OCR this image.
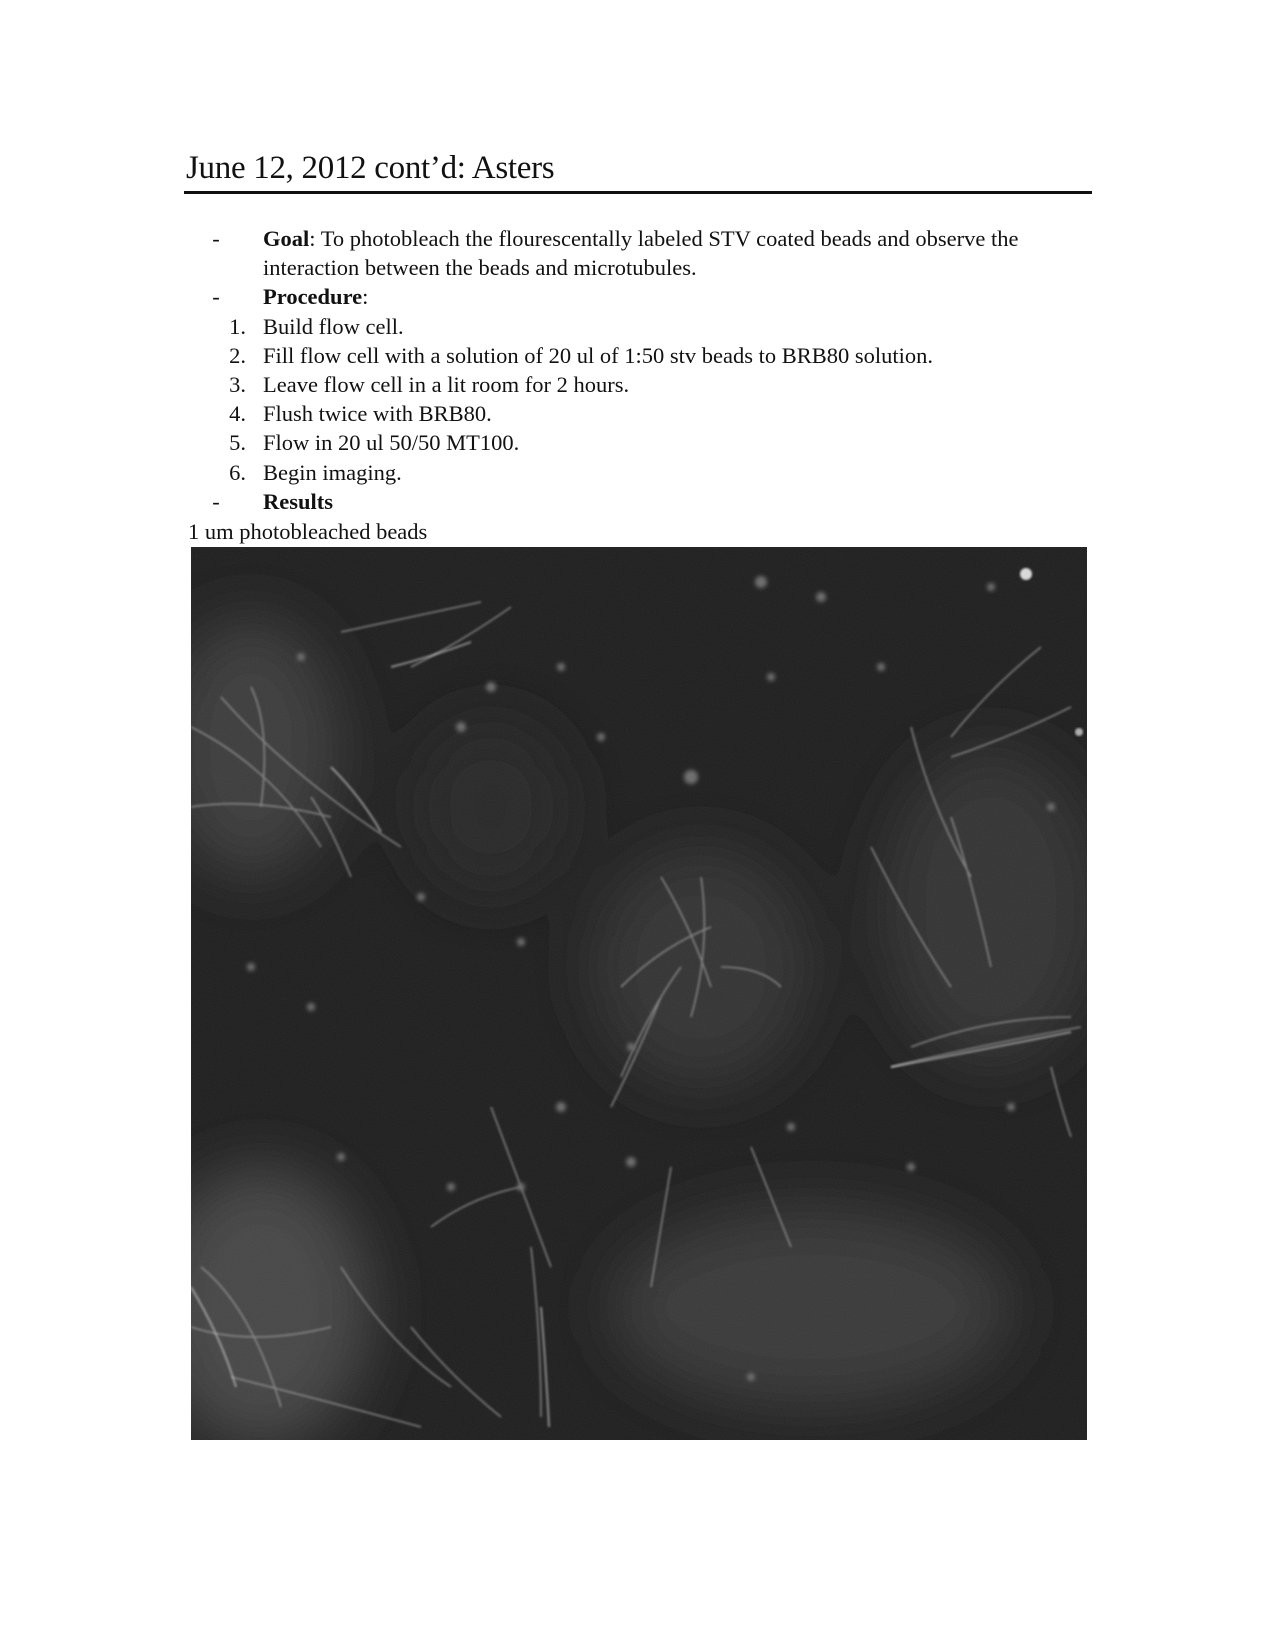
June 12, 2012 cont’d: Asters
- Goal: To photobleach the flourescentally labeled STV coated beads and observe the interaction between the beads and microtubules.
- Procedure:
1. Build flow cell.
2. Fill flow cell with a solution of 20 ul of 1:50 stv beads to BRB80 solution.
3. Leave flow cell in a lit room for 2 hours.
4. Flush twice with BRB80.
5. Flow in 20 ul 50/50 MT100.
6. Begin imaging.
- Results
1 um photobleached beads
